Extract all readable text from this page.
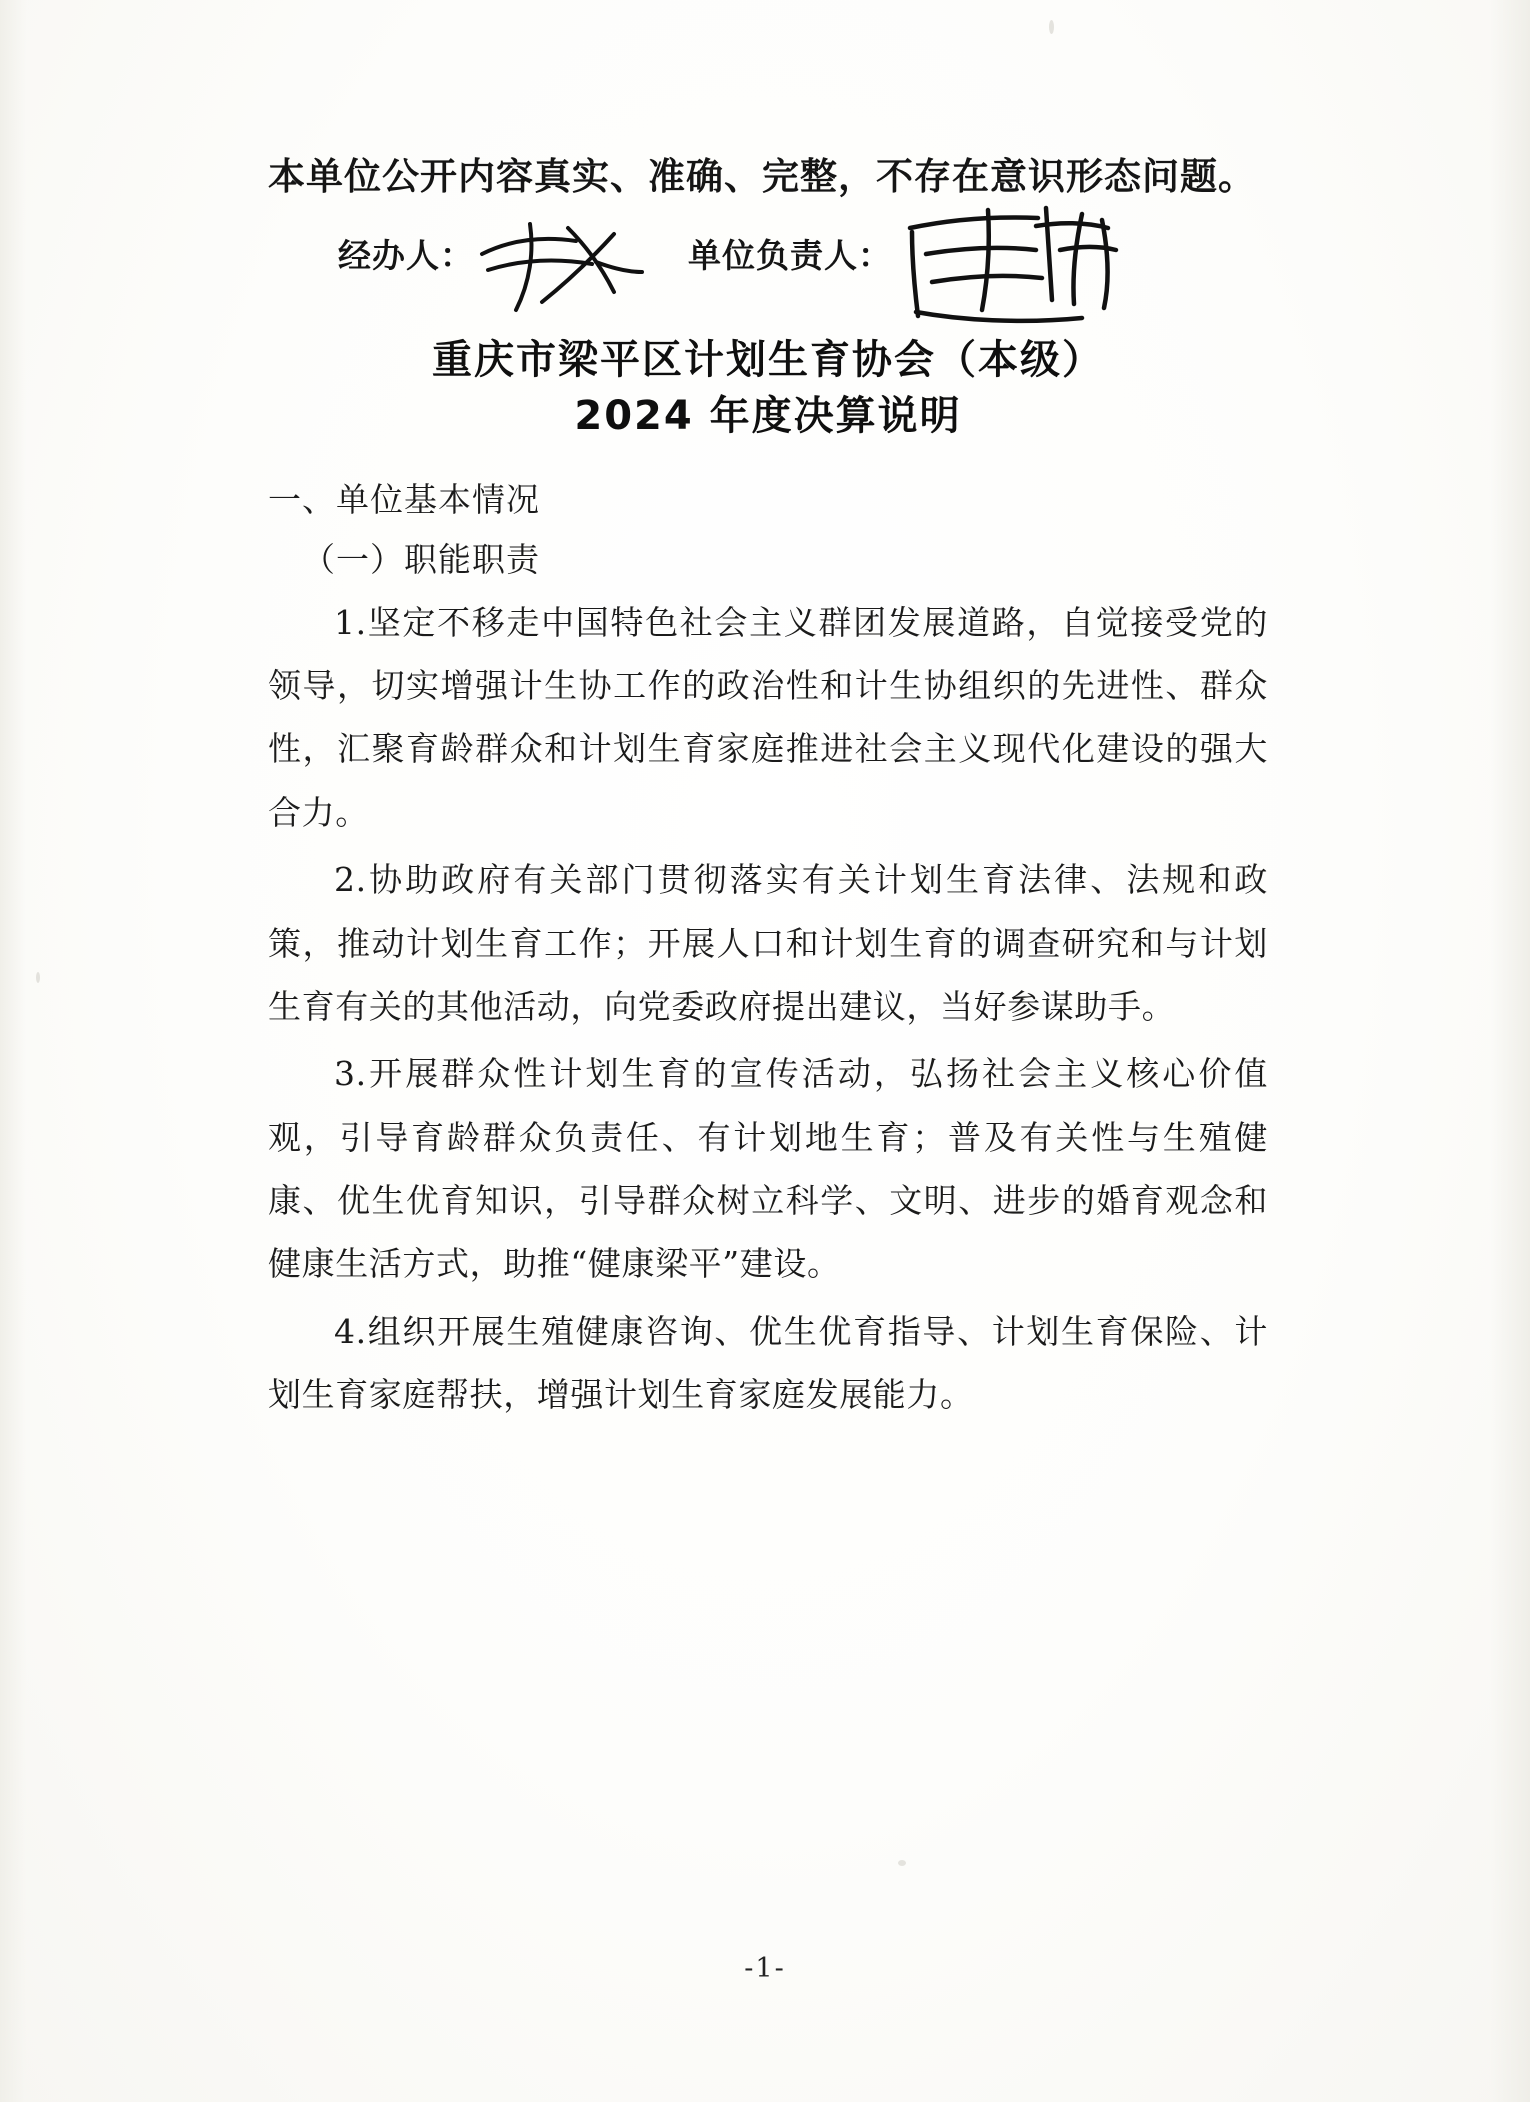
本单位公开内容真实、准确、完整，不存在意识形态问题。

经办人：	单位负责人：
重庆市梁平区计划生育协会（本级）
2024 年度决算说明

一、单位基本情况

（一）职能职责

1.坚定不移走中国特色社会主义群团发展道路，自觉接受党的领导，切实增强计生协工作的政治性和计生协组织的先进性、群众性，汇聚育龄群众和计划生育家庭推进社会主义现代化建设的强大合力。

2.协助政府有关部门贯彻落实有关计划生育法律、法规和政策，推动计划生育工作；开展人口和计划生育的调查研究和与计划生育有关的其他活动，向党委政府提出建议，当好参谋助手。

3.开展群众性计划生育的宣传活动，弘扬社会主义核心价值观，引导育龄群众负责任、有计划地生育；普及有关性与生殖健康、优生优育知识，引导群众树立科学、文明、进步的婚育观念和健康生活方式，助推“健康梁平”建设。

4.组织开展生殖健康咨询、优生优育指导、计划生育保险、计划生育家庭帮扶，增强计划生育家庭发展能力。

-1-
